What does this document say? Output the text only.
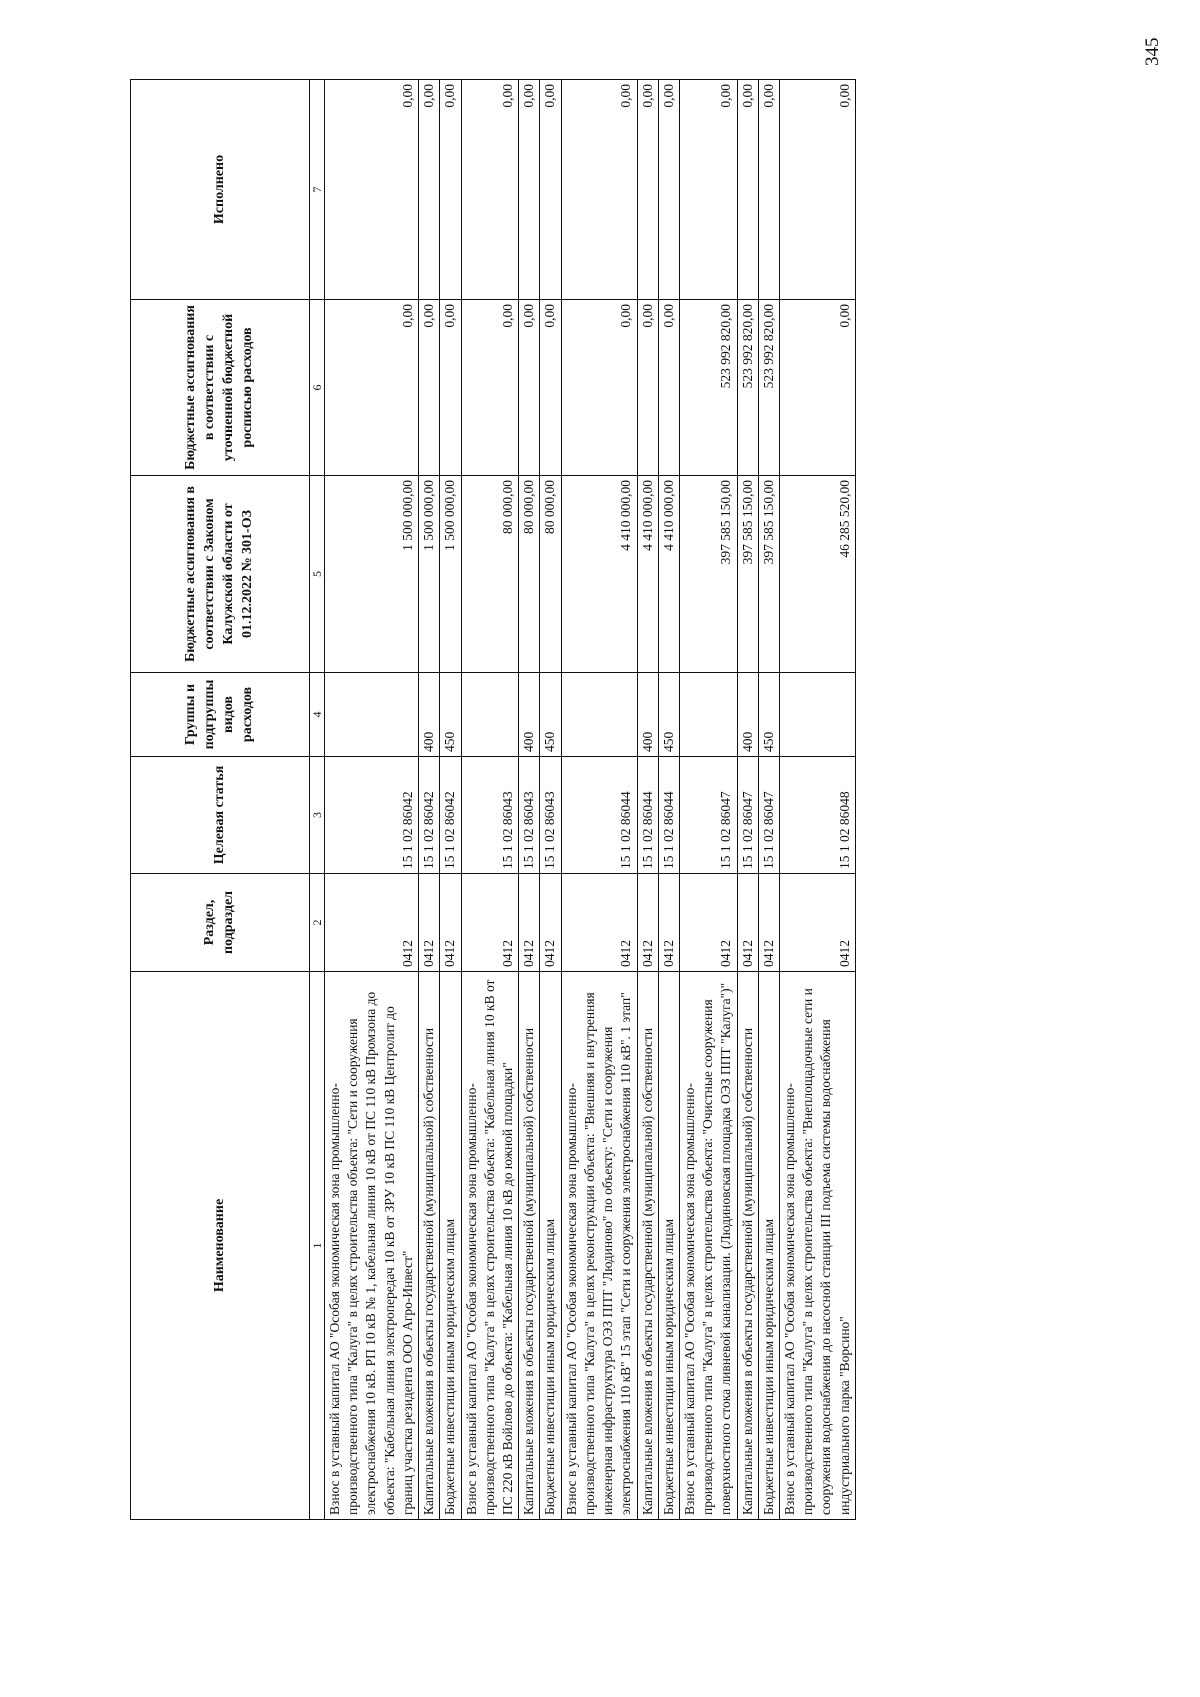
345
Наименование	Раздел, подраздел	Целевая статья	Группы и подгруппы видов расходов	Бюджетные ассигнования в соответствии с Законом Калужской области от 01.12.2022 № 301-ОЗ	Бюджетные ассигнования в соответствии с уточненной бюджетной росписью расходов	Исполнено
1	2	3	4	5	6	7
Взнос в уставный капитал АО "Особая экономическая зона промышленно-производственного типа "Калуга" в целях строительства объекта: "Сети и сооружения электроснабжения 10 кВ. РП 10 кВ № 1, кабельная линия 10 кВ от ПС 110 кВ Промзона до объекта: "Кабельная линия электропередач 10 кВ от ЗРУ 10 кВ ПС 110 кВ Центролит до границ участка резидента ООО Агро-Инвест"	0412	15 1 02 86042		1 500 000,00	0,00	0,00
Капитальные вложения в объекты государственной (муниципальной) собственности	0412	15 1 02 86042	400	1 500 000,00	0,00	0,00
Бюджетные инвестиции иным юридическим лицам	0412	15 1 02 86042	450	1 500 000,00	0,00	0,00
Взнос в уставный капитал АО "Особая экономическая зона промышленно-производственного типа "Калуга" в целях строительства объекта: "Кабельная линия 10 кВ от ПС 220 кВ Войлово до объекта: "Кабельная линия 10 кВ до южной площадки"	0412	15 1 02 86043		80 000,00	0,00	0,00
Капитальные вложения в объекты государственной (муниципальной) собственности	0412	15 1 02 86043	400	80 000,00	0,00	0,00
Бюджетные инвестиции иным юридическим лицам	0412	15 1 02 86043	450	80 000,00	0,00	0,00
Взнос в уставный капитал АО "Особая экономическая зона промышленно-производственного типа "Калуга" в целях реконструкции объекта: "Внешняя и внутренняя инженерная инфраструктура ОЭЗ ППТ "Людиново" по объекту: "Сети и сооружения электроснабжения 110 кВ" 15 этап "Сети и сооружения электроснабжения 110 кВ". 1 этап"	0412	15 1 02 86044		4 410 000,00	0,00	0,00
Капитальные вложения в объекты государственной (муниципальной) собственности	0412	15 1 02 86044	400	4 410 000,00	0,00	0,00
Бюджетные инвестиции иным юридическим лицам	0412	15 1 02 86044	450	4 410 000,00	0,00	0,00
Взнос в уставный капитал АО "Особая экономическая зона промышленно-производственного типа "Калуга" в целях строительства объекта: "Очистные сооружения поверхностного стока ливневой канализации. (Людиновская площадка ОЭЗ ППТ "Калуга")"	0412	15 1 02 86047		397 585 150,00	523 992 820,00	0,00
Капитальные вложения в объекты государственной (муниципальной) собственности	0412	15 1 02 86047	400	397 585 150,00	523 992 820,00	0,00
Бюджетные инвестиции иным юридическим лицам	0412	15 1 02 86047	450	397 585 150,00	523 992 820,00	0,00
Взнос в уставный капитал АО "Особая экономическая зона промышленно-производственного типа "Калуга" в целях строительства объекта: "Внеплощадочные сети и сооружения водоснабжения до насосной станции III подъема системы водоснабжения индустриального парка "Ворсино"	0412	15 1 02 86048		46 285 520,00	0,00	0,00
